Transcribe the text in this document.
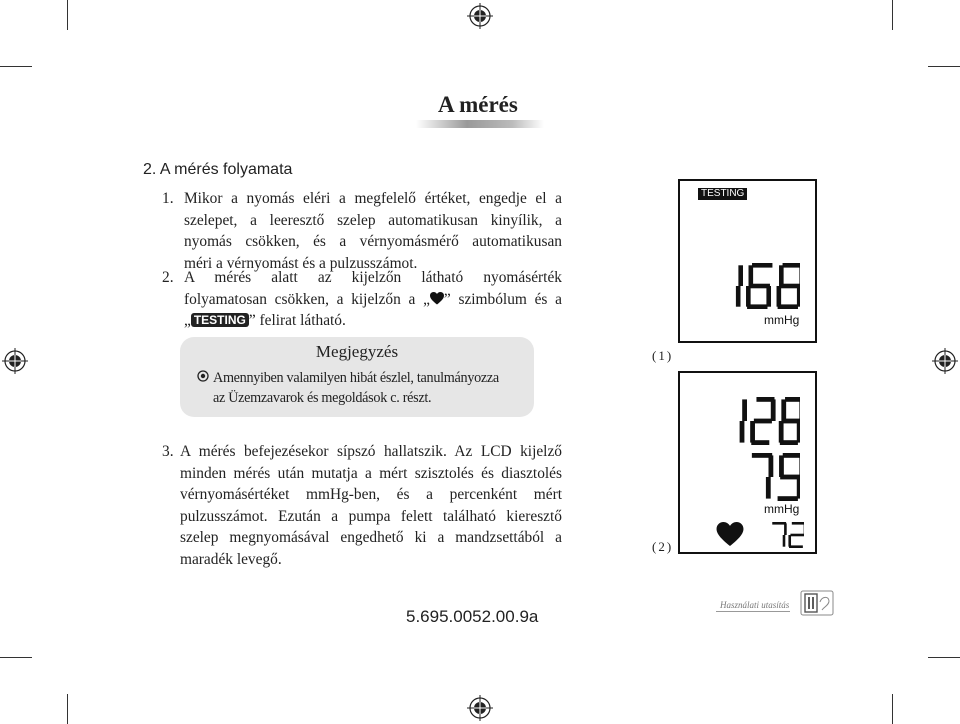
A mérés
2. A mérés folyamata
1. Mikor a nyomás eléri a megfelelő értéket, engedje el a
szelepet, a leeresztő szelep automatikusan kinyílik, a
nyomás csökken, és a vérnyomásmérő automatikusan
méri a vérnyomást és a pulzusszámot.
2. A mérés alatt az kijelzőn látható nyomásérték
folyamatosan csökken, a kijelzőn a „ ” szimbólum és a
„ TESTING ” felirat látható.
Megjegyzés
Amennyiben valamilyen hibát észlel, tanulmányozza
az Üzemzavarok és megoldások c. részt.
3. A mérés befejezésekor sípszó hallatszik. Az LCD kijelző
minden mérés után mutatja a mért szisztolés és diasztolés
vérnyomásértéket mmHg-ben, és a percenként mért
pulzusszámot. Ezután a pumpa felett található kieresztő
szelep megnyomásával engedhető ki a mandzsettából a
maradék levegő.
TESTING
mmHg
(1)
mmHg
(2)
5.695.0052.00.9a
Használati utasítás
